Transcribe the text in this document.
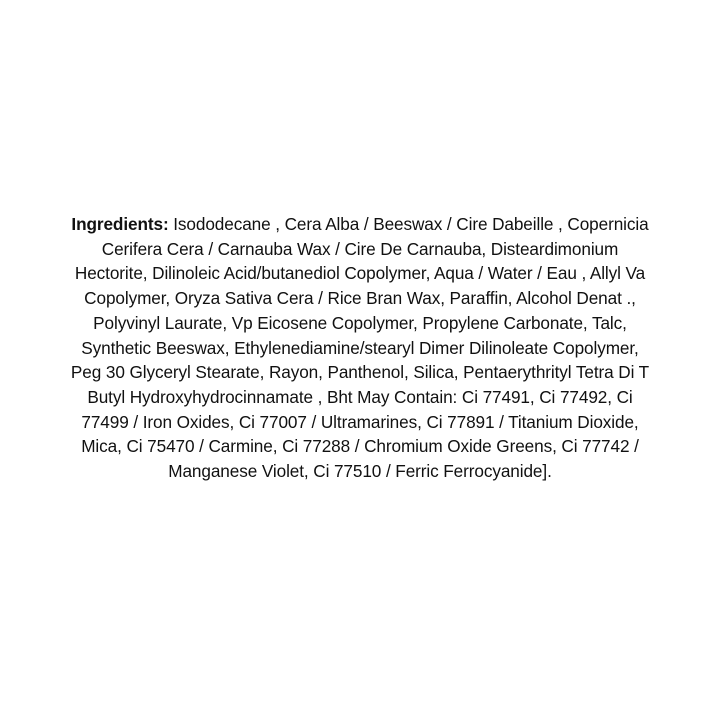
Ingredients: Isododecane , Cera Alba / Beeswax / Cire Dabeille , Copernicia Cerifera Cera / Carnauba Wax / Cire De Carnauba, Disteardimonium Hectorite, Dilinoleic Acid/butanediol Copolymer, Aqua / Water / Eau , Allyl Va Copolymer, Oryza Sativa Cera / Rice Bran Wax, Paraffin, Alcohol Denat ., Polyvinyl Laurate, Vp Eicosene Copolymer, Propylene Carbonate, Talc, Synthetic Beeswax, Ethylenediamine/stearyl Dimer Dilinoleate Copolymer, Peg 30 Glyceryl Stearate, Rayon, Panthenol, Silica, Pentaerythrityl Tetra Di T Butyl Hydroxyhydrocinnamate , Bht May Contain: Ci 77491, Ci 77492, Ci 77499 / Iron Oxides, Ci 77007 / Ultramarines, Ci 77891 / Titanium Dioxide, Mica, Ci 75470 / Carmine, Ci 77288 / Chromium Oxide Greens, Ci 77742 / Manganese Violet, Ci 77510 / Ferric Ferrocyanide].
